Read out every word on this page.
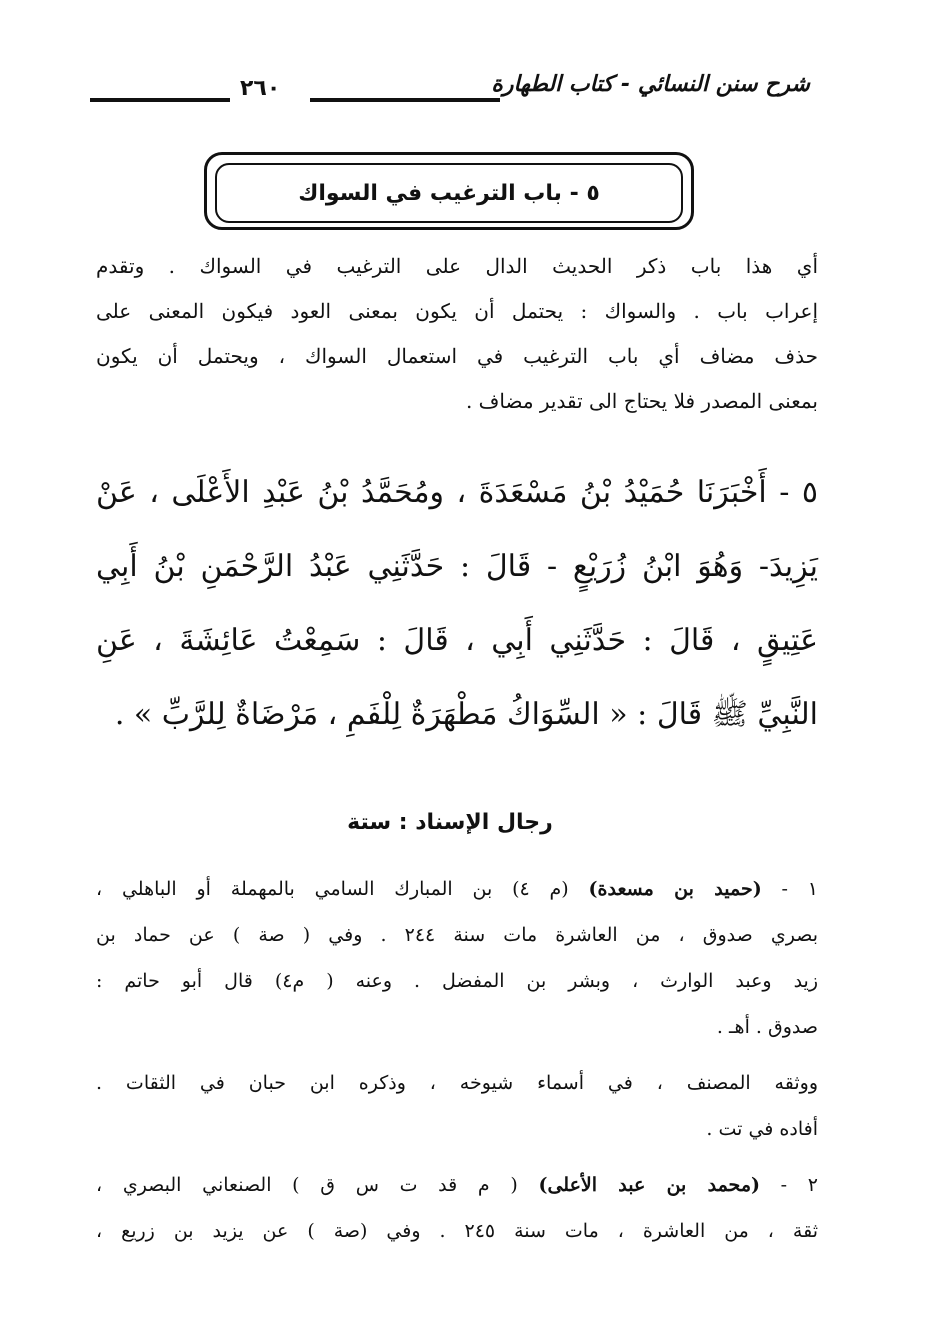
شرح سنن النسائي - كتاب الطهارة
٢٦٠
٥ - باب الترغيب في السواك
أي هذا باب ذكر الحديث الدال على الترغيب في السواك . وتقدم
إعراب باب . والسواك : يحتمل أن يكون بمعنى العود فيكون المعنى على
حذف مضاف أي باب الترغيب في استعمال السواك ، ويحتمل أن يكون
بمعنى المصدر فلا يحتاج الى تقدير مضاف .
٥ - أَخْبَرَنَا حُمَيْدُ بْنُ مَسْعَدَةَ ، ومُحَمَّدُ بْنُ عَبْدِ الأَعْلَى ، عَنْ
يَزِيدَ- وَهُوَ ابْنُ زُرَيْعٍ - قَالَ : حَدَّثَنِي عَبْدُ الرَّحْمَنِ بْنُ أَبِي
عَتِيقٍ ، قَالَ : حَدَّثَنِي أَبِي ، قَالَ : سَمِعْتُ عَائِشَةَ ، عَنِ
النَّبِيِّ ﷺ قَالَ : « السِّوَاكُ مَطْهَرَةٌ لِلْفَمِ ، مَرْضَاةٌ لِلرَّبِّ » .
رجال الإسناد : ستة
١ - (حميد بن مسعدة) (م ٤) بن المبارك السامي بالمهملة أو الباهلي ،
بصري صدوق ، من العاشرة مات سنة ٢٤٤ . وفي ( صة ) عن حماد بن
زيد وعبد الوارث ، وبشر بن المفضل . وعنه ( م٤) قال أبو حاتم :
صدوق . أهـ .
ووثقه المصنف ، في أسماء شيوخه ، وذكره ابن حبان في الثقات .
أفاده في تت .
٢ - (محمد بن عبد الأعلى) ( م قد ت س ق ) الصنعاني البصري ،
ثقة ، من العاشرة ، مات سنة ٢٤٥ . وفي (صة ) عن يزيد بن زريع ،
